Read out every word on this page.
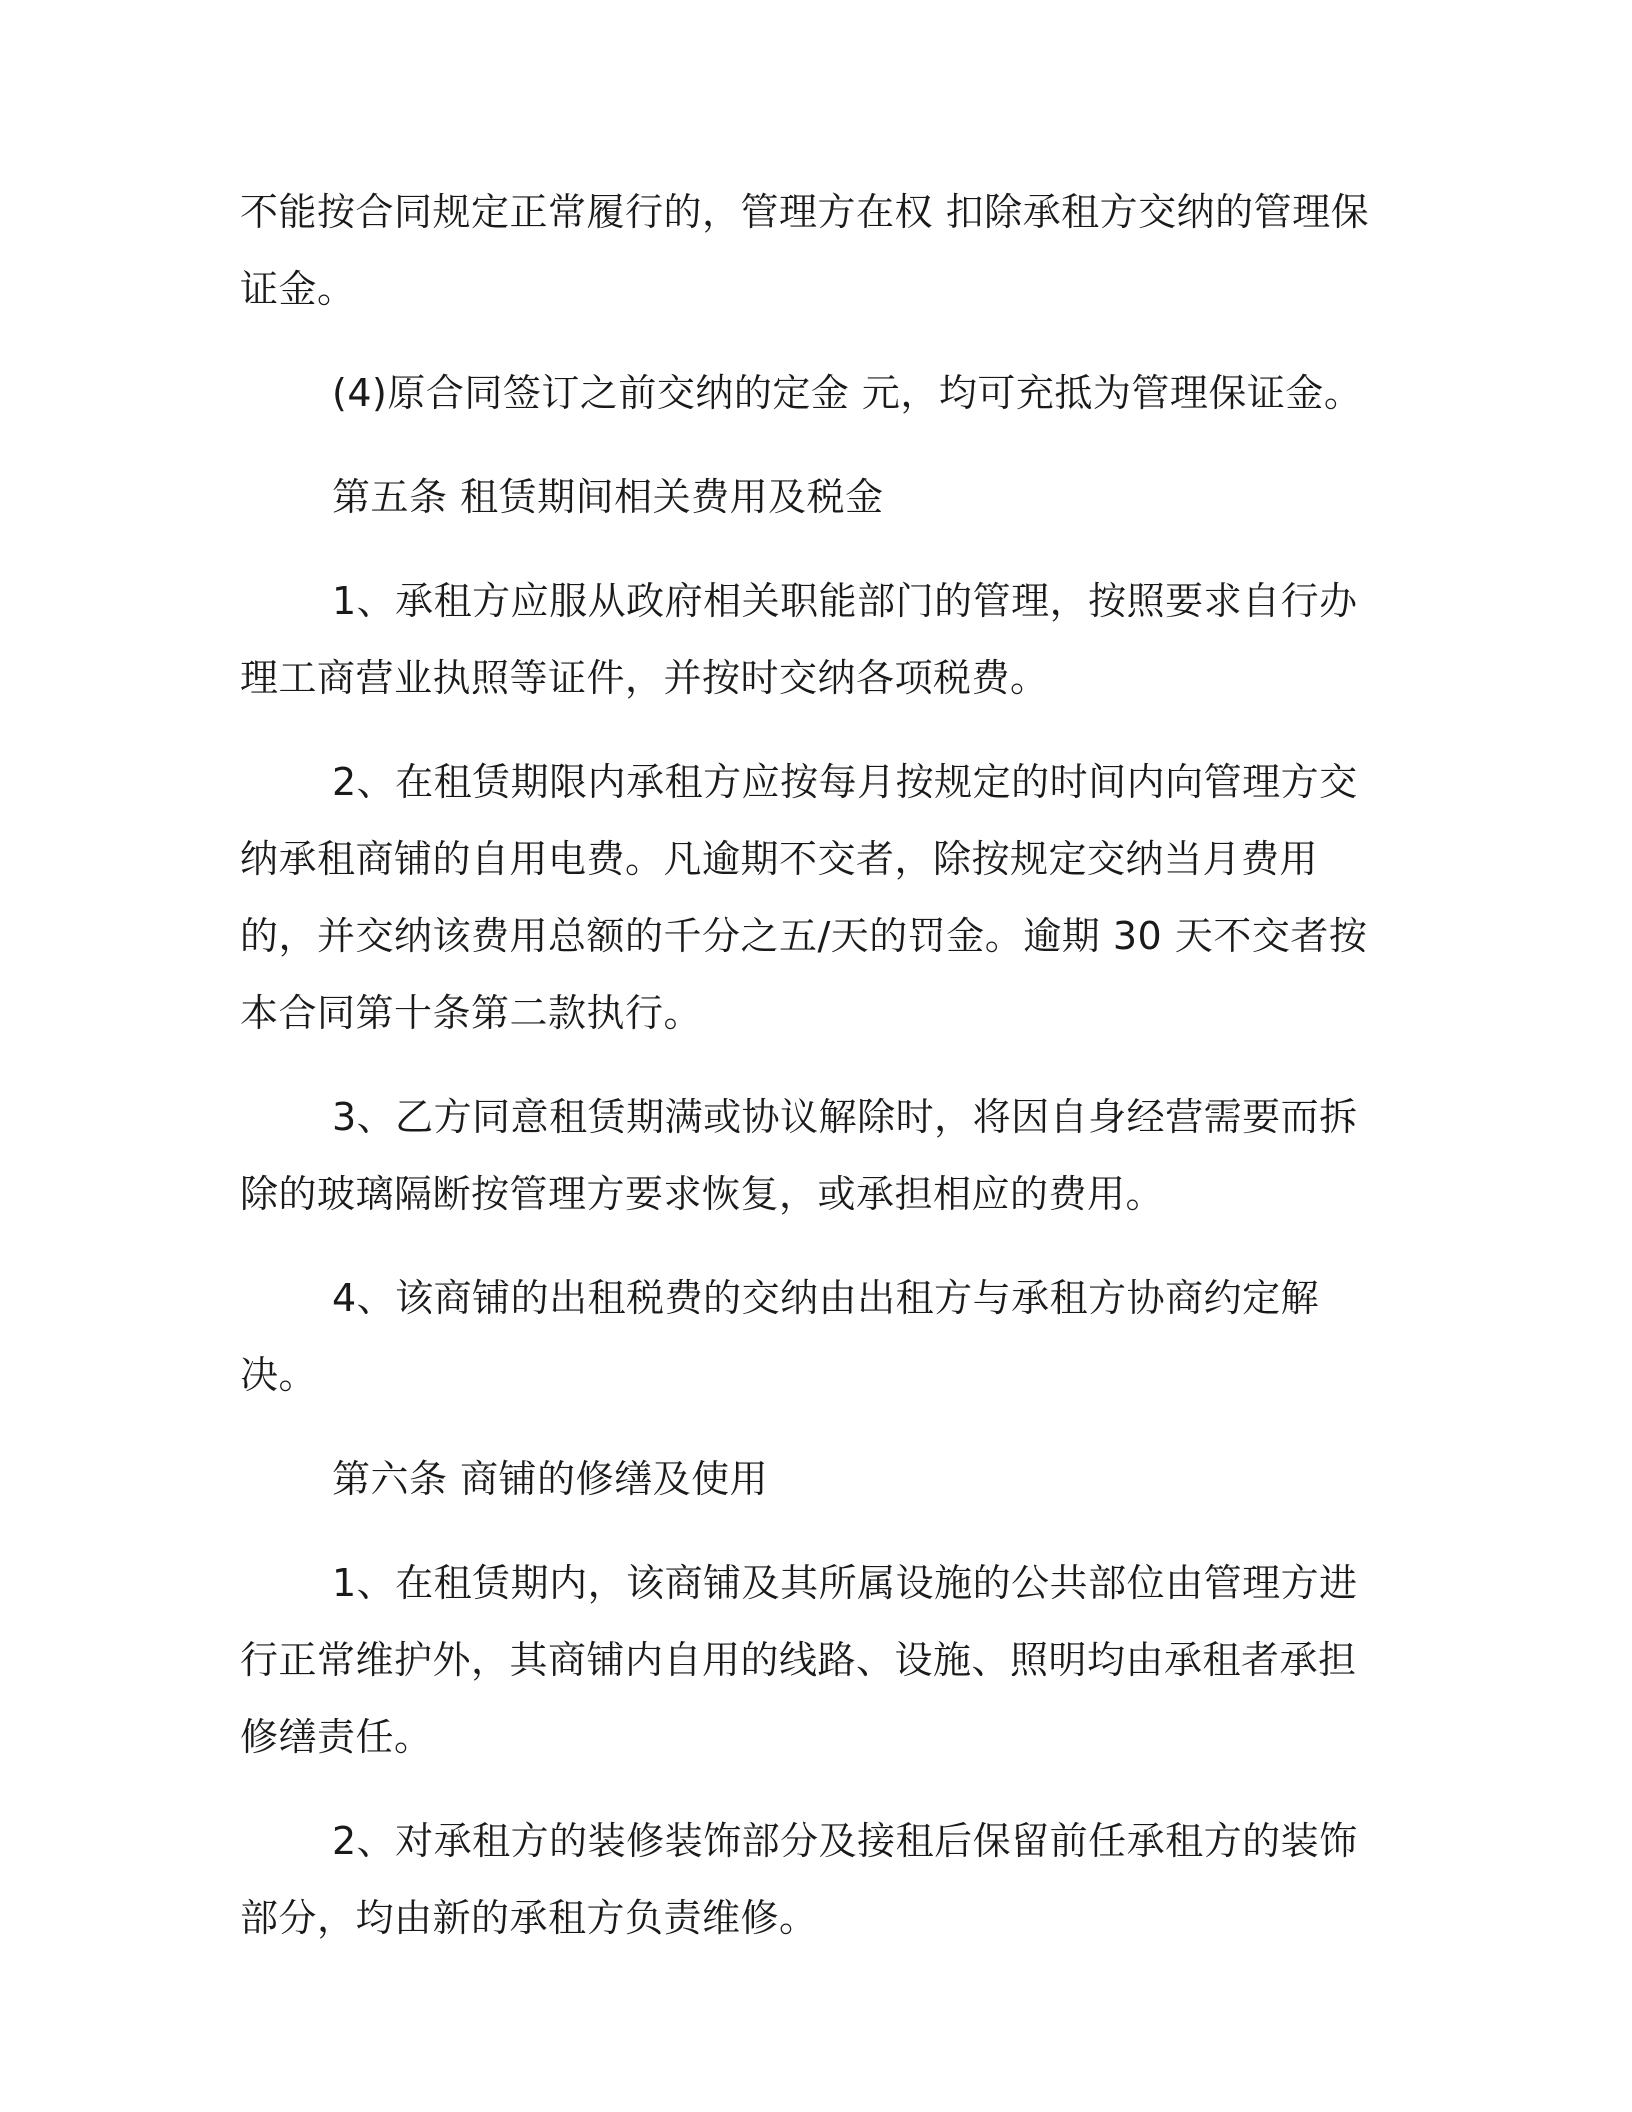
不能按合同规定正常履行的，管理方在权 扣除承租方交纳的管理保证金。

(4)原合同签订之前交纳的定金 元，均可充抵为管理保证金。

第五条 租赁期间相关费用及税金

1、承租方应服从政府相关职能部门的管理，按照要求自行办理工商营业执照等证件，并按时交纳各项税费。

2、在租赁期限内承租方应按每月按规定的时间内向管理方交纳承租商铺的自用电费。凡逾期不交者，除按规定交纳当月费用的，并交纳该费用总额的千分之五/天的罚金。逾期 30 天不交者按本合同第十条第二款执行。

3、乙方同意租赁期满或协议解除时，将因自身经营需要而拆除的玻璃隔断按管理方要求恢复，或承担相应的费用。

4、该商铺的出租税费的交纳由出租方与承租方协商约定解决。

第六条 商铺的修缮及使用

1、在租赁期内，该商铺及其所属设施的公共部位由管理方进行正常维护外，其商铺内自用的线路、设施、照明均由承租者承担修缮责任。

2、对承租方的装修装饰部分及接租后保留前任承租方的装饰部分，均由新的承租方负责维修。
